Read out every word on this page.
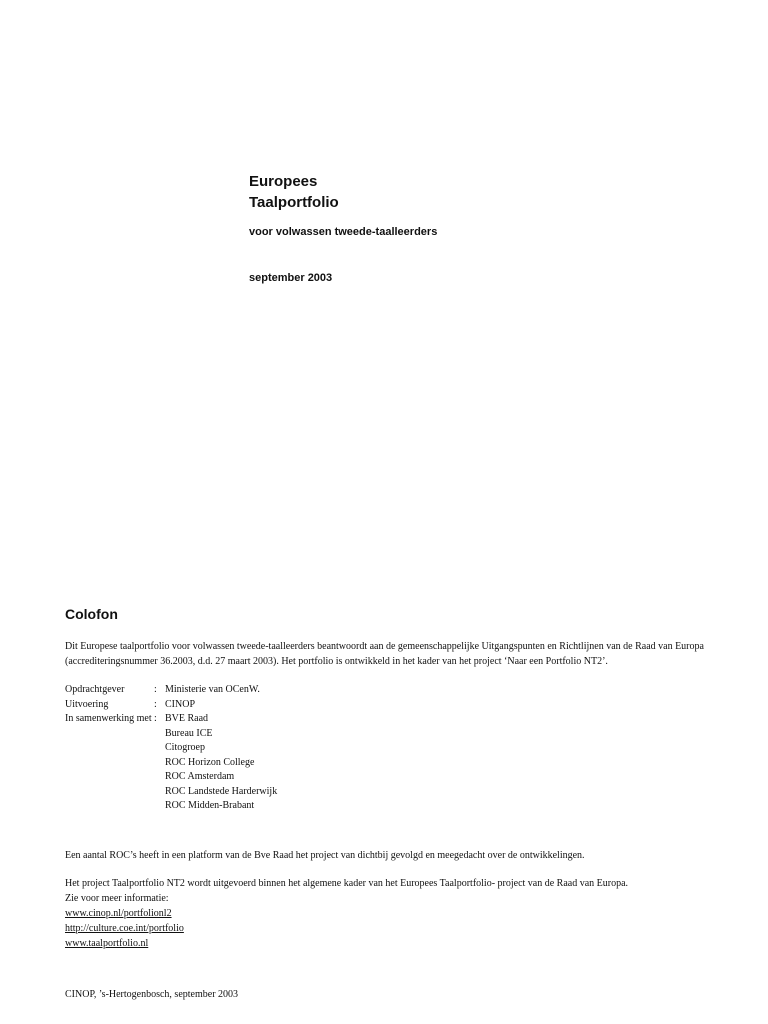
Europees
Taalportfolio
voor volwassen tweede-taalleerders
september 2003
Colofon
Dit Europese taalportfolio voor volwassen tweede-taalleerders beantwoordt aan de gemeenschappelijke Uitgangspunten en Richtlijnen van de Raad van Europa (accrediteringsnummer 36.2003, d.d. 27 maart 2003). Het portfolio is ontwikkeld in het kader van het project ‘Naar een Portfolio NT2’.
Opdrachtgever	: Ministerie van OCenW.
Uitvoering	: CINOP
In samenwerking met : BVE Raad
Bureau ICE
Citogroep
ROC Horizon College
ROC Amsterdam
ROC Landstede Harderwijk
ROC Midden-Brabant
Een aantal ROC’s heeft in een platform van de Bve Raad het project van dichtbij gevolgd en meegedacht over de ontwikkelingen.
Het project Taalportfolio NT2 wordt uitgevoerd binnen het algemene kader van het Europees Taalportfolio- project van de Raad van Europa.
Zie voor meer informatie:
www.cinop.nl/portfolionl2
http://culture.coe.int/portfolio
www.taalportfolio.nl
CINOP, ’s-Hertogenbosch, september 2003
